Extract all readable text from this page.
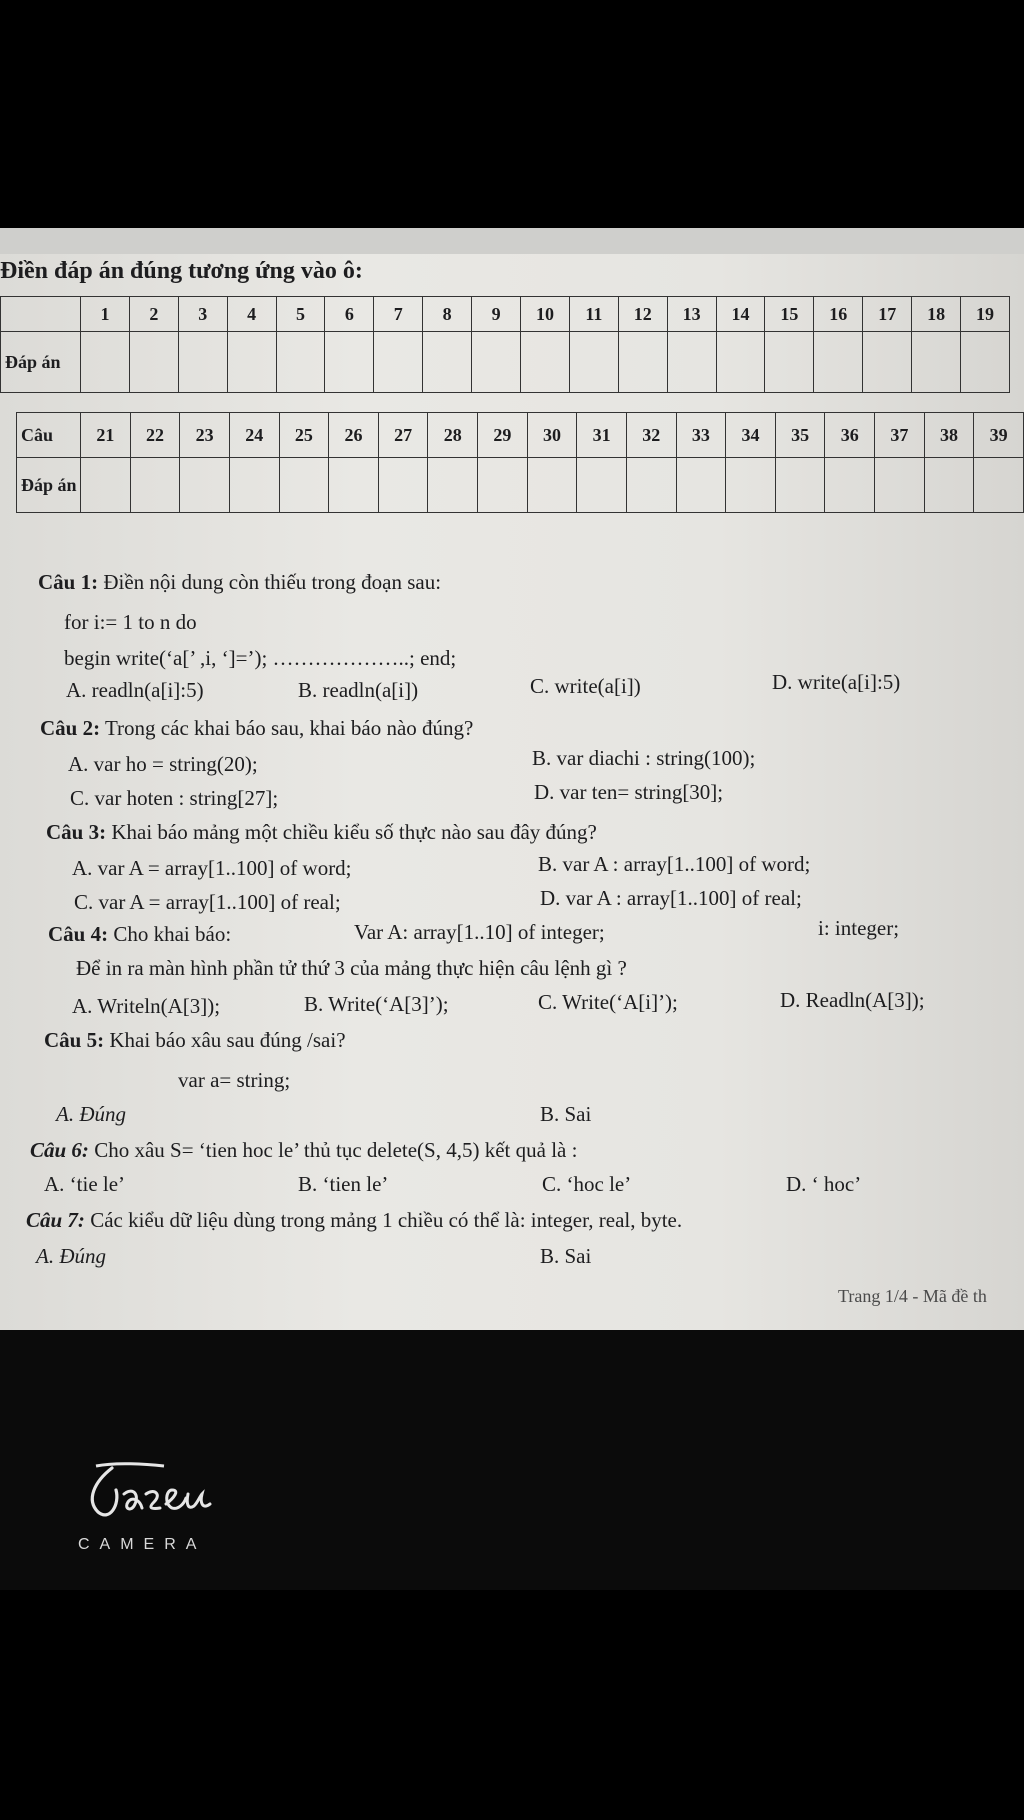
Điền đáp án đúng tương ứng vào ô:
	1	2	3	4	5	6	7	8	9	10	11	12	13	14	15	16	17	18	19
Đáp án																			
Câu	21	22	23	24	25	26	27	28	29	30	31	32	33	34	35	36	37	38	39
Đáp án																			
Câu 1: Điền nội dung còn thiếu trong đoạn sau:
for i:= 1 to n do
begin write(‘a[’ ,i, ‘]=’); ………………..; end;
A. readln(a[i]:5)	B. readln(a[i])	C. write(a[i])	D. write(a[i]:5)
Câu 2: Trong các khai báo sau, khai báo nào đúng?
A. var ho = string(20);	B. var diachi : string(100);
C. var hoten : string[27];	D. var ten= string[30];
Câu 3: Khai báo mảng một chiều kiểu số thực nào sau đây đúng?
A. var A = array[1..100] of word;	B. var A : array[1..100] of word;
C. var A = array[1..100] of real;	D. var A : array[1..100] of real;
Câu 4: Cho khai báo:	Var A: array[1..10] of integer;	i: integer;
Để in ra màn hình phần tử thứ 3 của mảng thực hiện câu lệnh gì ?
A. Writeln(A[3]);	B. Write(‘A[3]’);	C. Write(‘A[i]’);	D. Readln(A[3]);
Câu 5: Khai báo xâu sau đúng /sai?
var a= string;
A. Đúng	B. Sai
Câu 6: Cho xâu S= ‘tien hoc le’ thủ tục delete(S, 4,5) kết quả là :
A. ‘tie le’	B. ‘tien le’	C. ‘hoc le’	D. ‘ hoc’
Câu 7: Các kiểu dữ liệu dùng trong mảng 1 chiều có thể là: integer, real, byte.
A. Đúng	B. Sai
Trang 1/4 - Mã đề th
CAMERA
